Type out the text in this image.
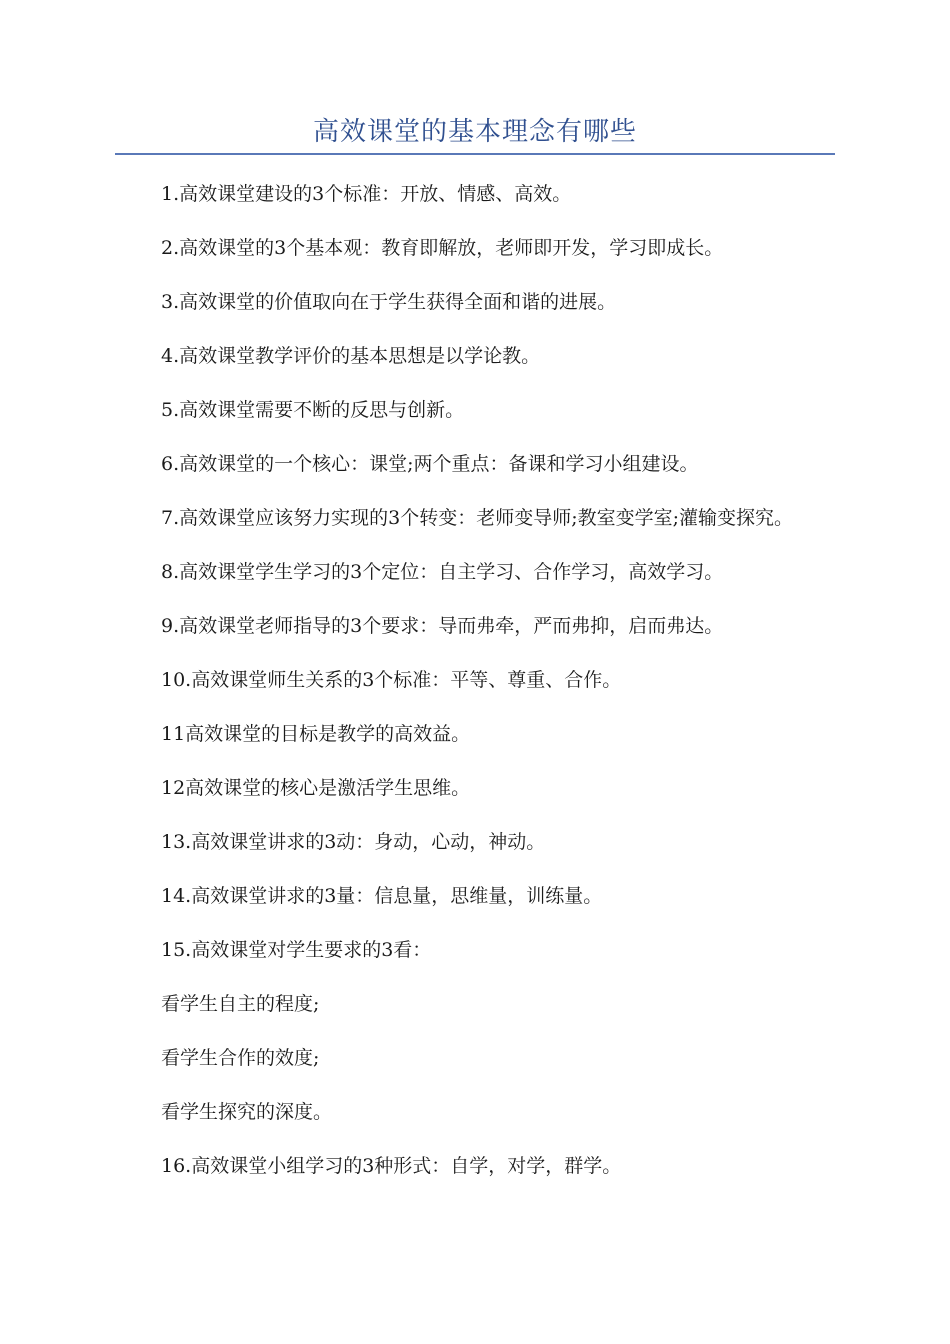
高效课堂的基本理念有哪些

1.高效课堂建设的3个标准：开放、情感、高效。

2.高效课堂的3个基本观：教育即解放，老师即开发，学习即成长。

3.高效课堂的价值取向在于学生获得全面和谐的进展。

4.高效课堂教学评价的基本思想是以学论教。

5.高效课堂需要不断的反思与创新。

6.高效课堂的一个核心：课堂;两个重点：备课和学习小组建设。

7.高效课堂应该努力实现的3个转变：老师变导师;教室变学室;灌输变探究。

8.高效课堂学生学习的3个定位：自主学习、合作学习，高效学习。

9.高效课堂老师指导的3个要求：导而弗牵，严而弗抑，启而弗达。

10.高效课堂师生关系的3个标准：平等、尊重、合作。

11高效课堂的目标是教学的高效益。

12高效课堂的核心是激活学生思维。

13.高效课堂讲求的3动：身动，心动，神动。

14.高效课堂讲求的3量：信息量，思维量，训练量。

15.高效课堂对学生要求的3看：

看学生自主的程度;

看学生合作的效度;

看学生探究的深度。

16.高效课堂小组学习的3种形式：自学，对学，群学。
